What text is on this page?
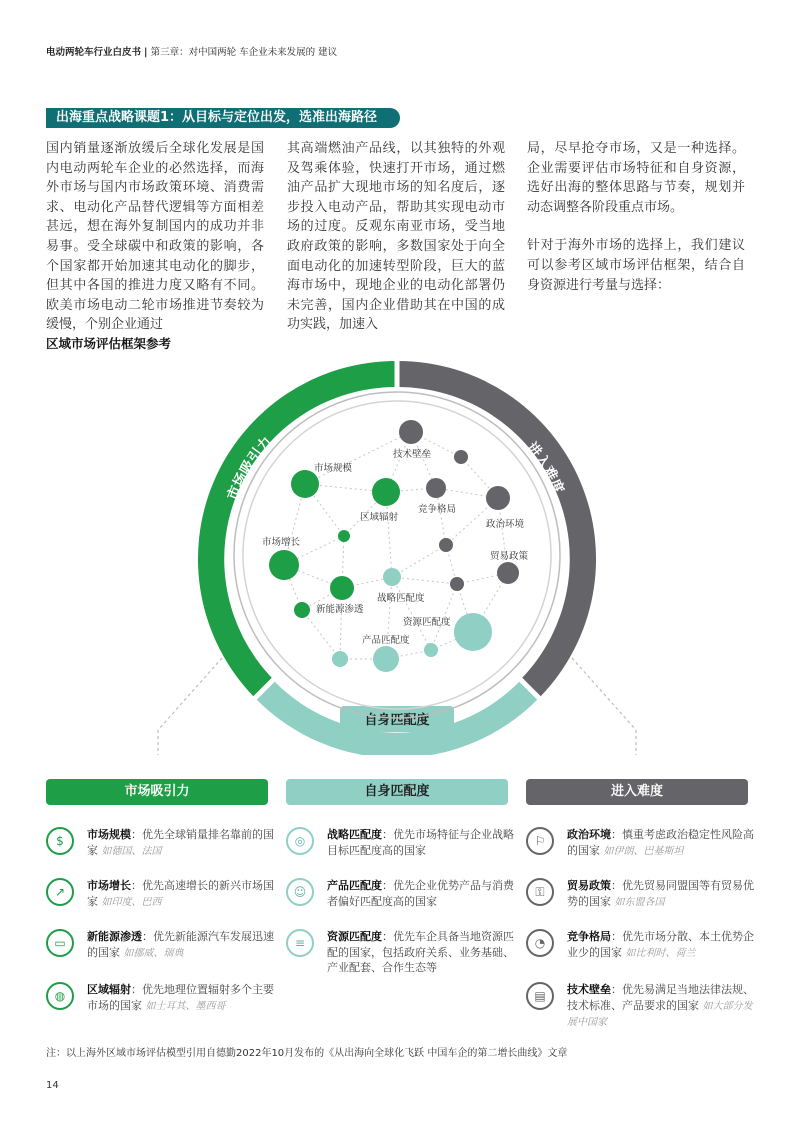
电动两轮车行业白皮书 | 第三章：对中国两轮 车企业未来发展的 建议
出海重点战略课题1：从目标与定位出发，选准出海路径

国内销量逐渐放缓后全球化发展是国内电动两轮车企业的必然选择，而海外市场与国内市场政策环境、消费需求、电动化产品替代逻辑等方面相差甚远，想在海外复制国内的成功并非易事。受全球碳中和政策的影响，各个国家都开始加速其电动化的脚步，但其中各国的推进力度又略有不同。欧美市场电动二轮市场推进节奏较为缓慢，个别企业通过

其高端燃油产品线，以其独特的外观及驾乘体验，快速打开市场，通过燃油产品扩大现地市场的知名度后，逐步投入电动产品，帮助其实现电动市场的过度。反观东南亚市场，受当地政府政策的影响，多数国家处于向全面电动化的加速转型阶段，巨大的蓝海市场中，现地企业的电动化部署仍未完善，国内企业借助其在中国的成功实践，加速入

局，尽早抢夺市场，又是一种选择。企业需要评估市场特征和自身资源，选好出海的整体思路与节奏，规划并动态调整各阶段重点市场。

针对于海外市场的选择上，我们建议可以参考区域市场评估框架，结合自身资源进行考量与选择：

区域市场评估框架参考
市场吸引力	进入难度
自身匹配度
市场规模
技术壁垒
区域辐射
竞争格局
政治环境
市场增长
贸易政策
战略匹配度
新能源渗透
资源匹配度
产品匹配度
市场吸引力	自身匹配度	进入难度
$	市场规模：优先全球销量排名靠前的国家 如德国、法国
↗	市场增长：优先高速增长的新兴市场国家 如印度、巴西
▭	新能源渗透：优先新能源汽车发展迅速的国家 如挪威、瑞典
◍	区域辐射：优先地理位置辐射多个主要市场的国家 如土耳其、墨西哥
◎	战略匹配度：优先市场特征与企业战略目标匹配度高的国家
☺	产品匹配度：优先企业优势产品与消费者偏好匹配度高的国家
≡	资源匹配度：优先车企具备当地资源匹配的国家，包括政府关系、业务基础、产业配套、合作生态等
⚐	政治环境：慎重考虑政治稳定性风险高的国家 如伊朗、巴基斯坦
⚿	贸易政策：优先贸易同盟国等有贸易优势的国家 如东盟各国
◔	竞争格局：优先市场分散、本土优势企业少的国家 如比利时、荷兰
▤	技术壁垒：优先易满足当地法律法规、技术标准、产品要求的国家 如大部分发展中国家
注：以上海外区域市场评估模型引用自德勤2022年10月发布的《从出海向全球化飞跃 中国车企的第二增长曲线》文章
14
